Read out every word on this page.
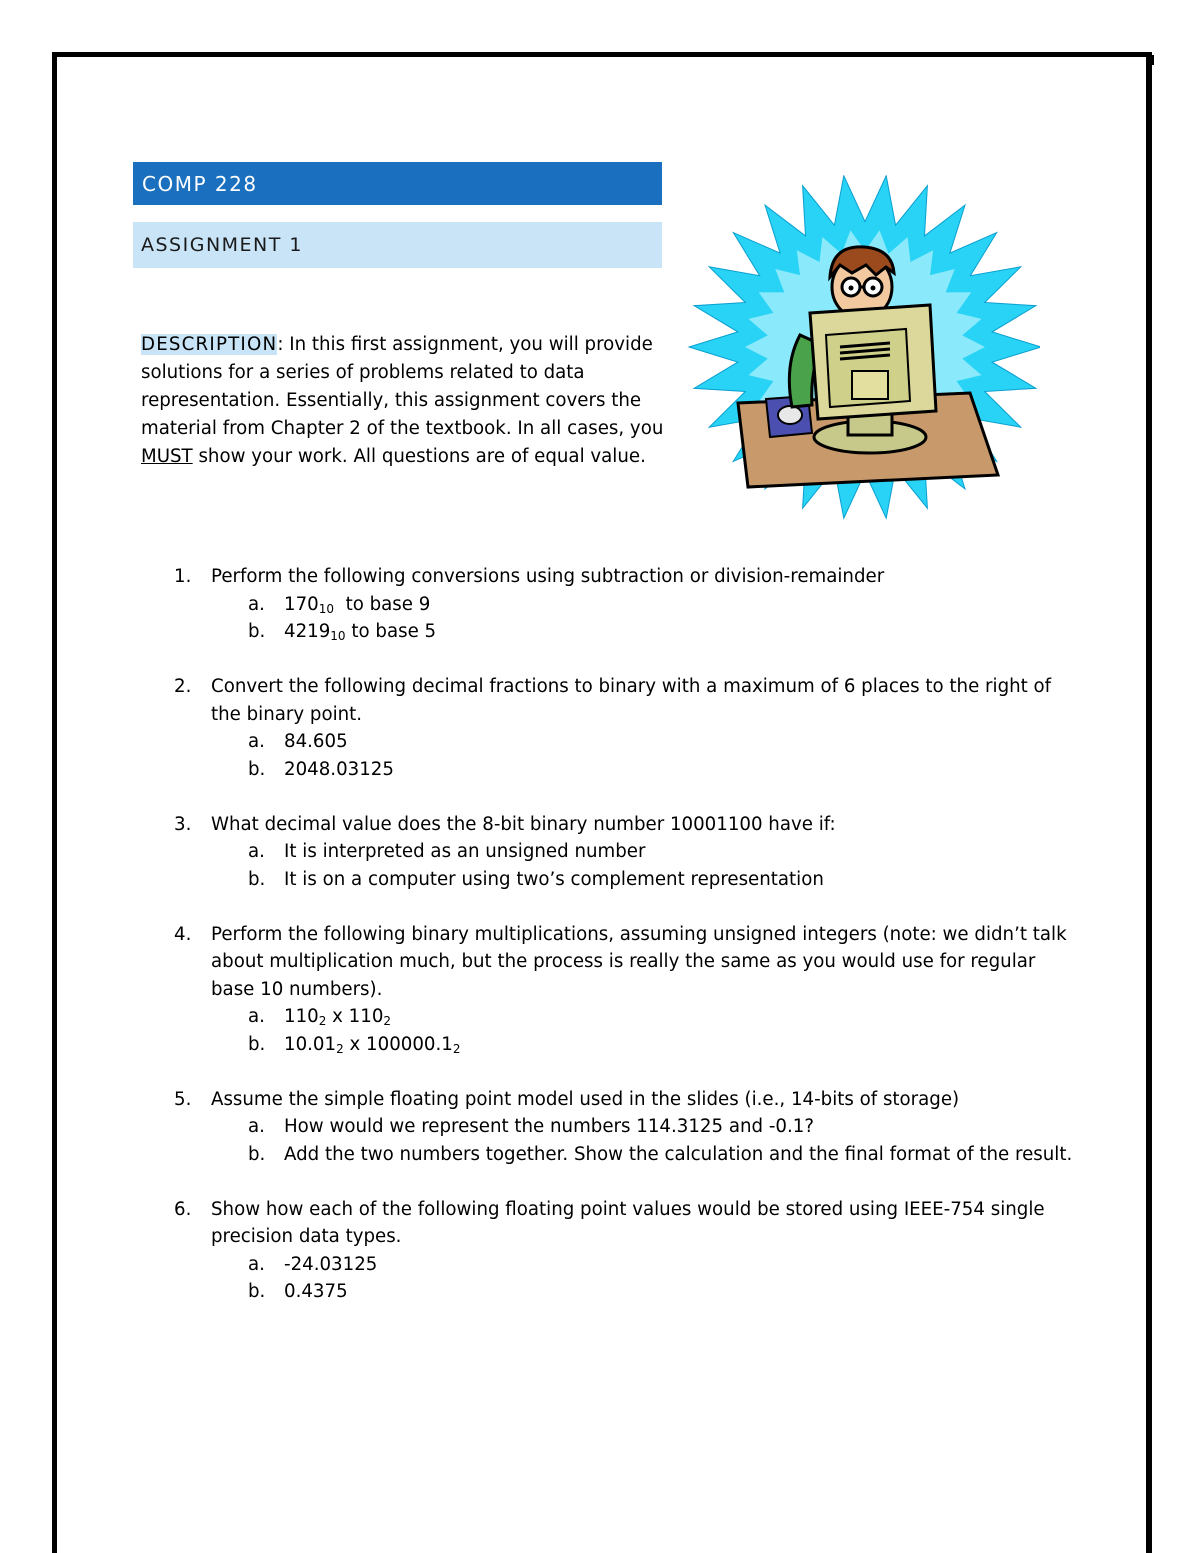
COMP 228
ASSIGNMENT 1
DESCRIPTION: In this first assignment, you will provide solutions for a series of problems related to data representation. Essentially, this assignment covers the material from Chapter 2 of the textbook. In all cases, you MUST show your work. All questions are of equal value.
1. Perform the following conversions using subtraction or division-remainder
a. $170_{10}$  to base 9
b. $4219_{10}$ to base 5
2. Convert the following decimal fractions to binary with a maximum of 6 places to the right of the binary point.
a. 84.605
b. 2048.03125
3. What decimal value does the 8-bit binary number 10001100 have if:
a. It is interpreted as an unsigned number
b. It is on a computer using two’s complement representation
4. Perform the following binary multiplications, assuming unsigned integers (note: we didn’t talk about multiplication much, but the process is really the same as you would use for regular base 10 numbers).
a. $110_2$ x $110_2$
b. $10.01_2$ x $100000.1_2$
5. Assume the simple floating point model used in the slides (i.e., 14-bits of storage)
a. How would we represent the numbers 114.3125 and -0.1?
b. Add the two numbers together. Show the calculation and the final format of the result.
6. Show how each of the following floating point values would be stored using IEEE-754 single precision data types.
a. -24.03125
b. 0.4375
